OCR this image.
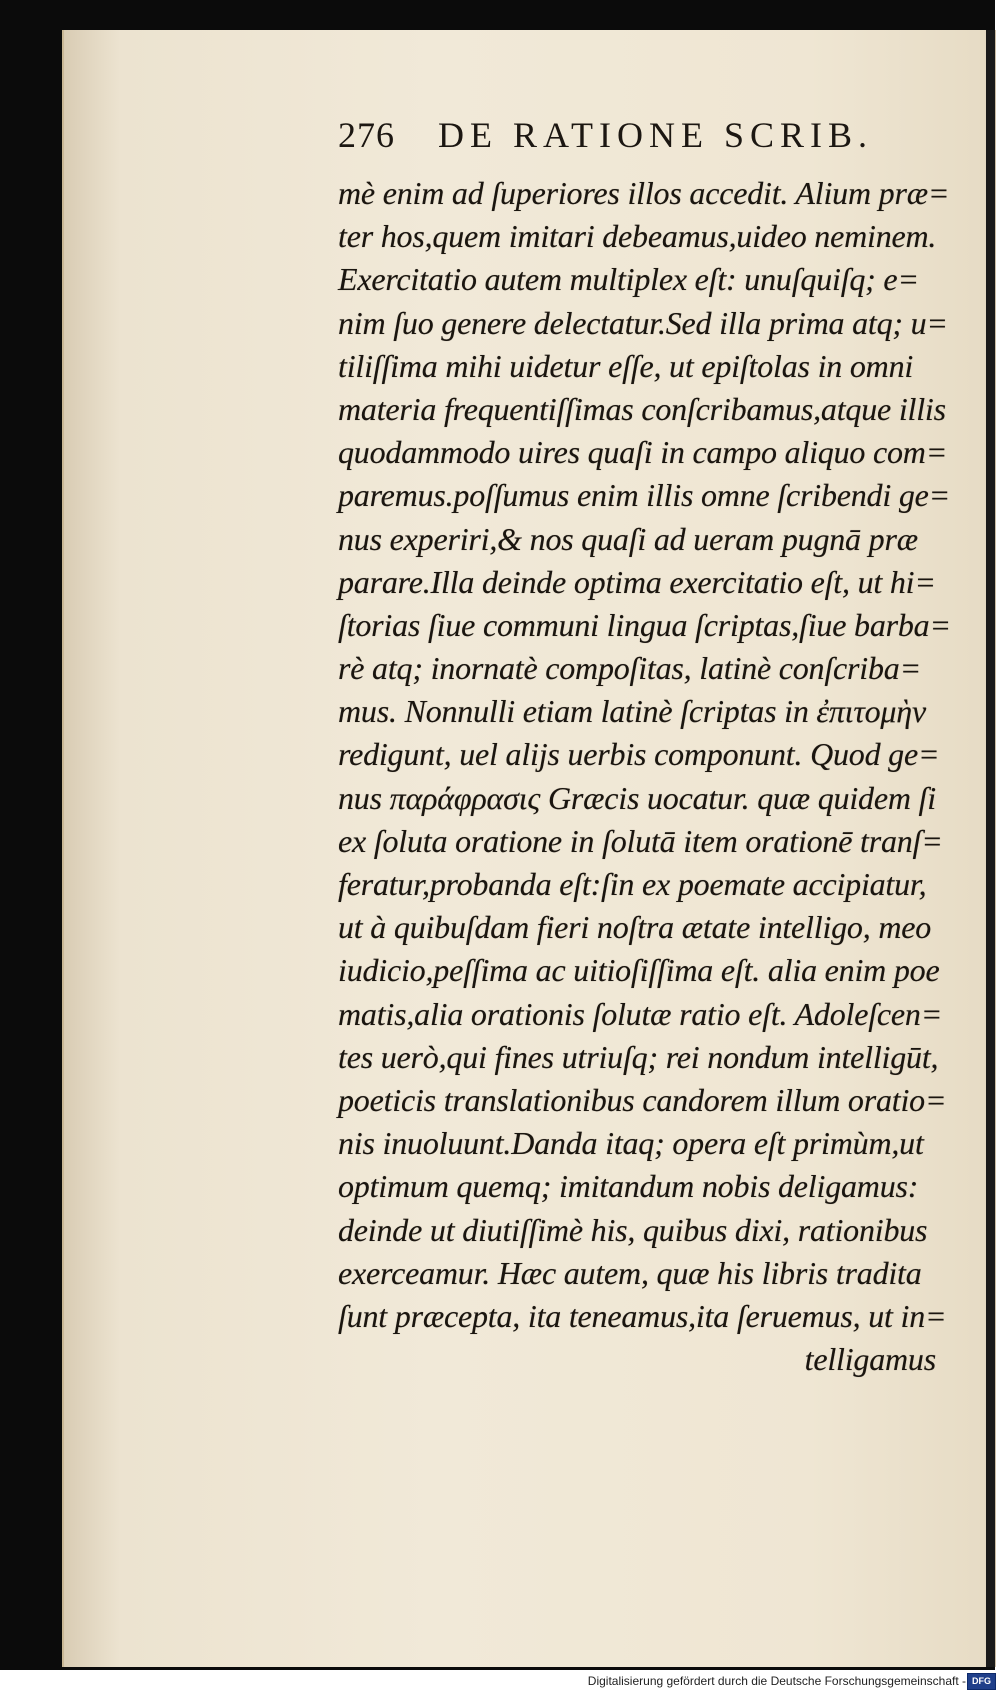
276 DE RATIONE SCRIB.
mè enim ad ſuperiores illos accedit. Alium præ=
ter hos,quem imitari debeamus,uideo neminem.
Exercitatio autem multiplex eſt: unuſquiſq; e=
nim ſuo genere delectatur.Sed illa prima atq; u=
tiliſſima mihi uidetur eſſe, ut epiſtolas in omni
materia frequentiſſimas conſcribamus,atque illis
quodammodo uires quaſi in campo aliquo com=
paremus.poſſumus enim illis omne ſcribendi ge=
nus experiri,& nos quaſi ad ueram pugnā præ
parare.Illa deinde optima exercitatio eſt, ut hi=
ſtorias ſiue communi lingua ſcriptas,ſiue barba=
rè atq; inornatè compoſitas, latinè conſcriba=
mus. Nonnulli etiam latinè ſcriptas in ἐπιτομὴν
redigunt, uel alijs uerbis componunt. Quod ge=
nus παράφρασις Græcis uocatur. quæ quidem ſi
ex ſoluta oratione in ſolutā item orationē tranſ=
feratur,probanda eſt:ſin ex poemate accipiatur,
ut à quibuſdam fieri noſtra ætate intelligo, meo
iudicio,peſſima ac uitioſiſſima eſt. alia enim poe
matis,alia orationis ſolutæ ratio eſt. Adoleſcen=
tes uerò,qui fines utriuſq; rei nondum intelligūt,
poeticis translationibus candorem illum oratio=
nis inuoluunt.Danda itaq; opera eſt primùm,ut
optimum quemq; imitandum nobis deligamus:
deinde ut diutiſſimè his, quibus dixi, rationibus
exerceamur. Hæc autem, quæ his libris tradita
ſunt præcepta, ita teneamus,ita ſeruemus, ut in=
telligamus
Digitalisierung gefördert durch die Deutsche Forschungsgemeinschaft - DFG
